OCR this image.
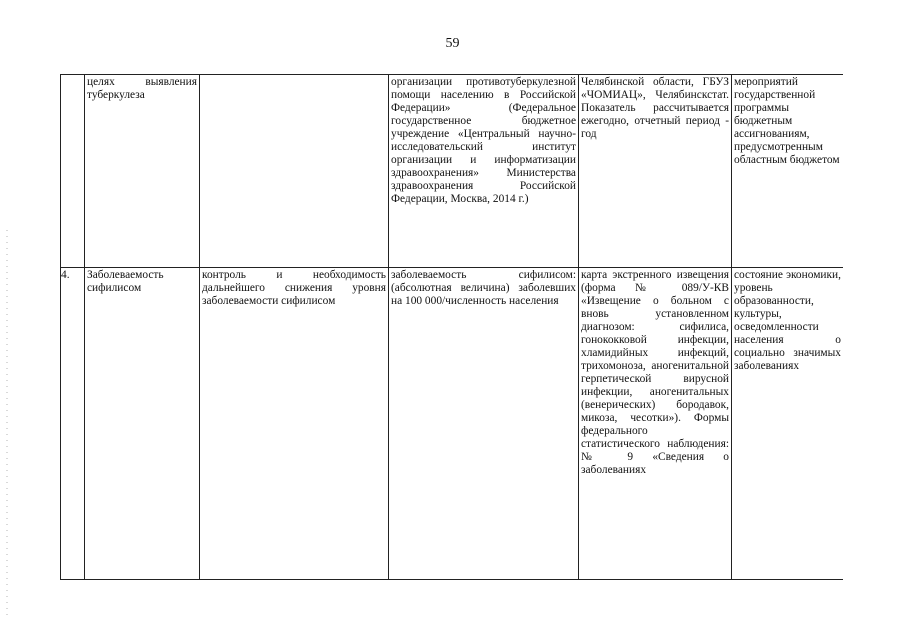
59
	целях выявления туберкулеза		организации противотуберкулезной помощи населению в Российской Федерации» (Федеральное государственное бюджетное учреждение «Центральный научно-исследовательский институт организации и информатизации здравоохранения» Министерства здравоохранения Российской Федерации, Москва, 2014 г.)	Челябинской области, ГБУЗ «ЧОМИАЦ», Челябинскстат. Показатель рассчитывается ежегодно, отчетный период - год	мероприятий государственной программы бюджетным ассигнованиям, предусмотренным областным бюджетом
4.	Заболеваемость сифилисом	контроль и необходимость дальнейшего снижения уровня заболеваемости сифилисом	заболеваемость сифилисом: (абсолютная величина) заболевших на 100 000/численность населения	карта экстренного извещения (форма № 089/У-КВ «Извещение о больном с вновь установленном диагнозом: сифилиса, гонококковой инфекции, хламидийных инфекций, трихомоноза, аногенитальной герпетической вирусной инфекции, аногенитальных (венерических) бородавок, микоза, чесотки»). Формы федерального статистического наблюдения: № 9 «Сведения о заболеваниях	состояние экономики, уровень образованности, культуры, осведомленности населения о социально значимых заболеваниях
